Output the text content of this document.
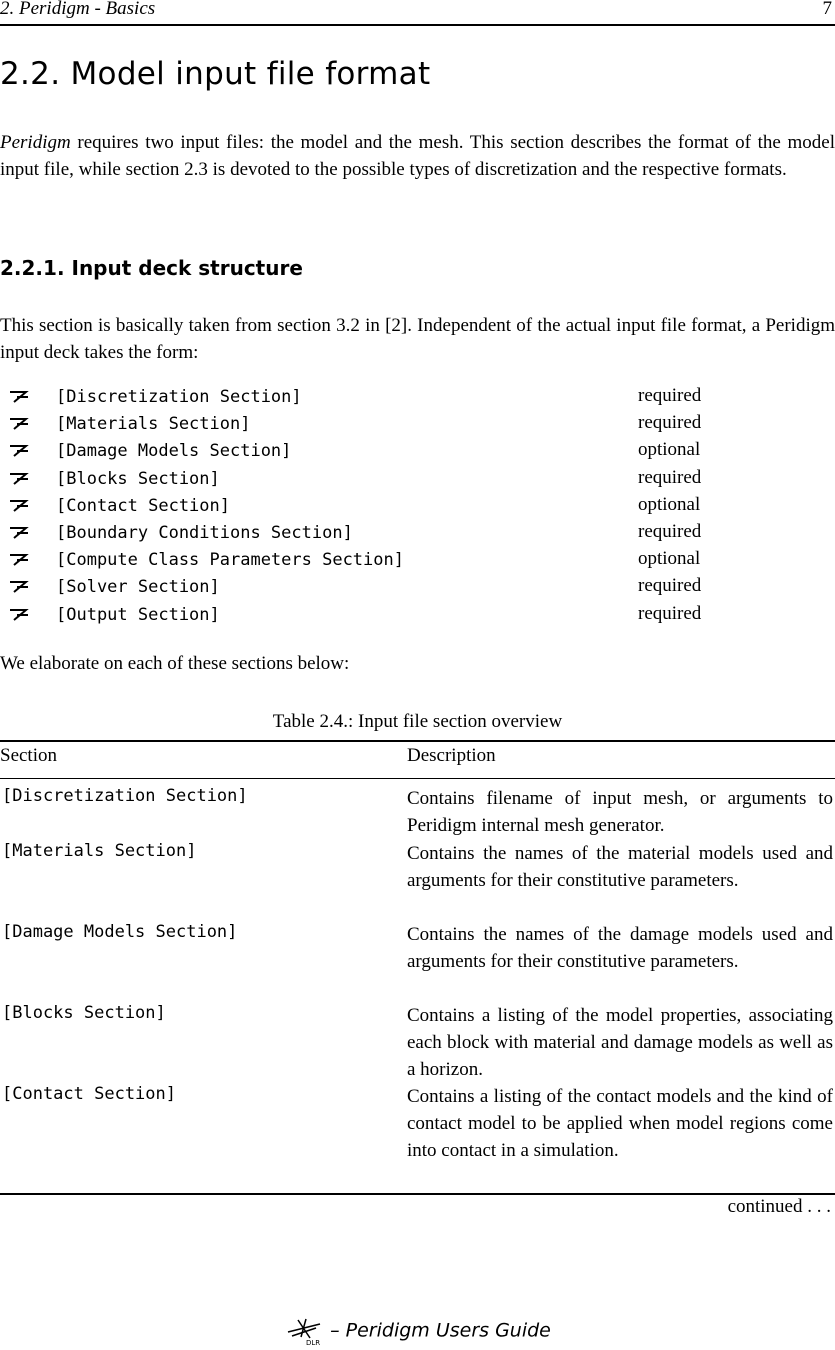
2. Peridigm - Basics	7
2.2. Model input file format
Peridigm requires two input files: the model and the mesh. This section describes the format of the model input file, while section 2.3 is devoted to the possible types of discretization and the respective formats.
2.2.1. Input deck structure
This section is basically taken from section 3.2 in [2]. Independent of the actual input file format, a Peridigm input deck takes the form:
[Discretization Section]	required
[Materials Section]	required
[Damage Models Section]	optional
[Blocks Section]	required
[Contact Section]	optional
[Boundary Conditions Section]	required
[Compute Class Parameters Section]	optional
[Solver Section]	required
[Output Section]	required
We elaborate on each of these sections below:
Table 2.4.: Input file section overview
Section	Description
[Discretization Section]	Contains filename of input mesh, or arguments to Peridigm internal mesh generator.
[Materials Section]	Contains the names of the material models used and arguments for their constitutive parameters.
[Damage Models Section]	Contains the names of the damage models used and arguments for their constitutive parameters.
[Blocks Section]	Contains a listing of the model properties, associating each block with material and damage models as well as a horizon.
[Contact Section]	Contains a listing of the contact models and the kind of contact model to be applied when model regions come into contact in a simulation.
continued . . .
DLR
– Peridigm Users Guide
